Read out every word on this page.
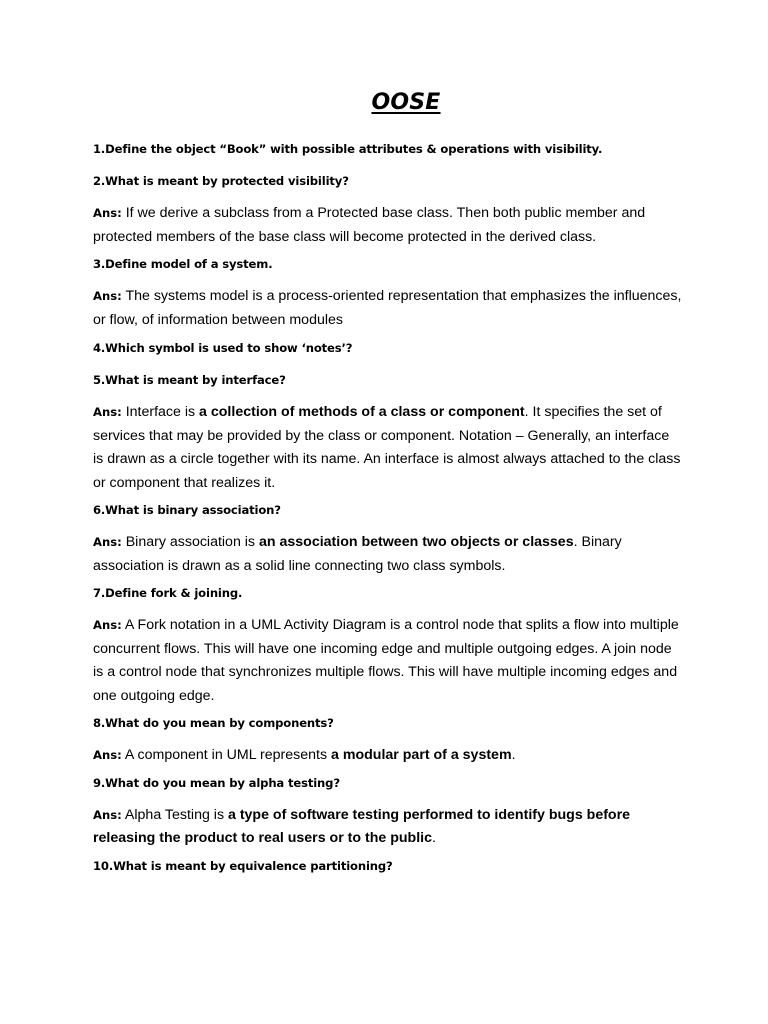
OOSE

1.Define the object “Book” with possible attributes & operations with visibility.

2.What is meant by protected visibility?

Ans: If we derive a subclass from a Protected base class. Then both public member and protected members of the base class will become protected in the derived class.

3.Define model of a system.

Ans: The systems model is a process-oriented representation that emphasizes the influences, or flow, of information between modules

4.Which symbol is used to show ‘notes’?

5.What is meant by interface?

Ans: Interface is a collection of methods of a class or component. It specifies the set of services that may be provided by the class or component. Notation – Generally, an interface is drawn as a circle together with its name. An interface is almost always attached to the class or component that realizes it.

6.What is binary association?

Ans: Binary association is an association between two objects or classes. Binary association is drawn as a solid line connecting two class symbols.

7.Define fork & joining.

Ans: A Fork notation in a UML Activity Diagram is a control node that splits a flow into multiple concurrent flows. This will have one incoming edge and multiple outgoing edges. A join node is a control node that synchronizes multiple flows. This will have multiple incoming edges and one outgoing edge.

8.What do you mean by components?

Ans: A component in UML represents a modular part of a system.

9.What do you mean by alpha testing?

Ans: Alpha Testing is a type of software testing performed to identify bugs before releasing the product to real users or to the public.

10.What is meant by equivalence partitioning?
